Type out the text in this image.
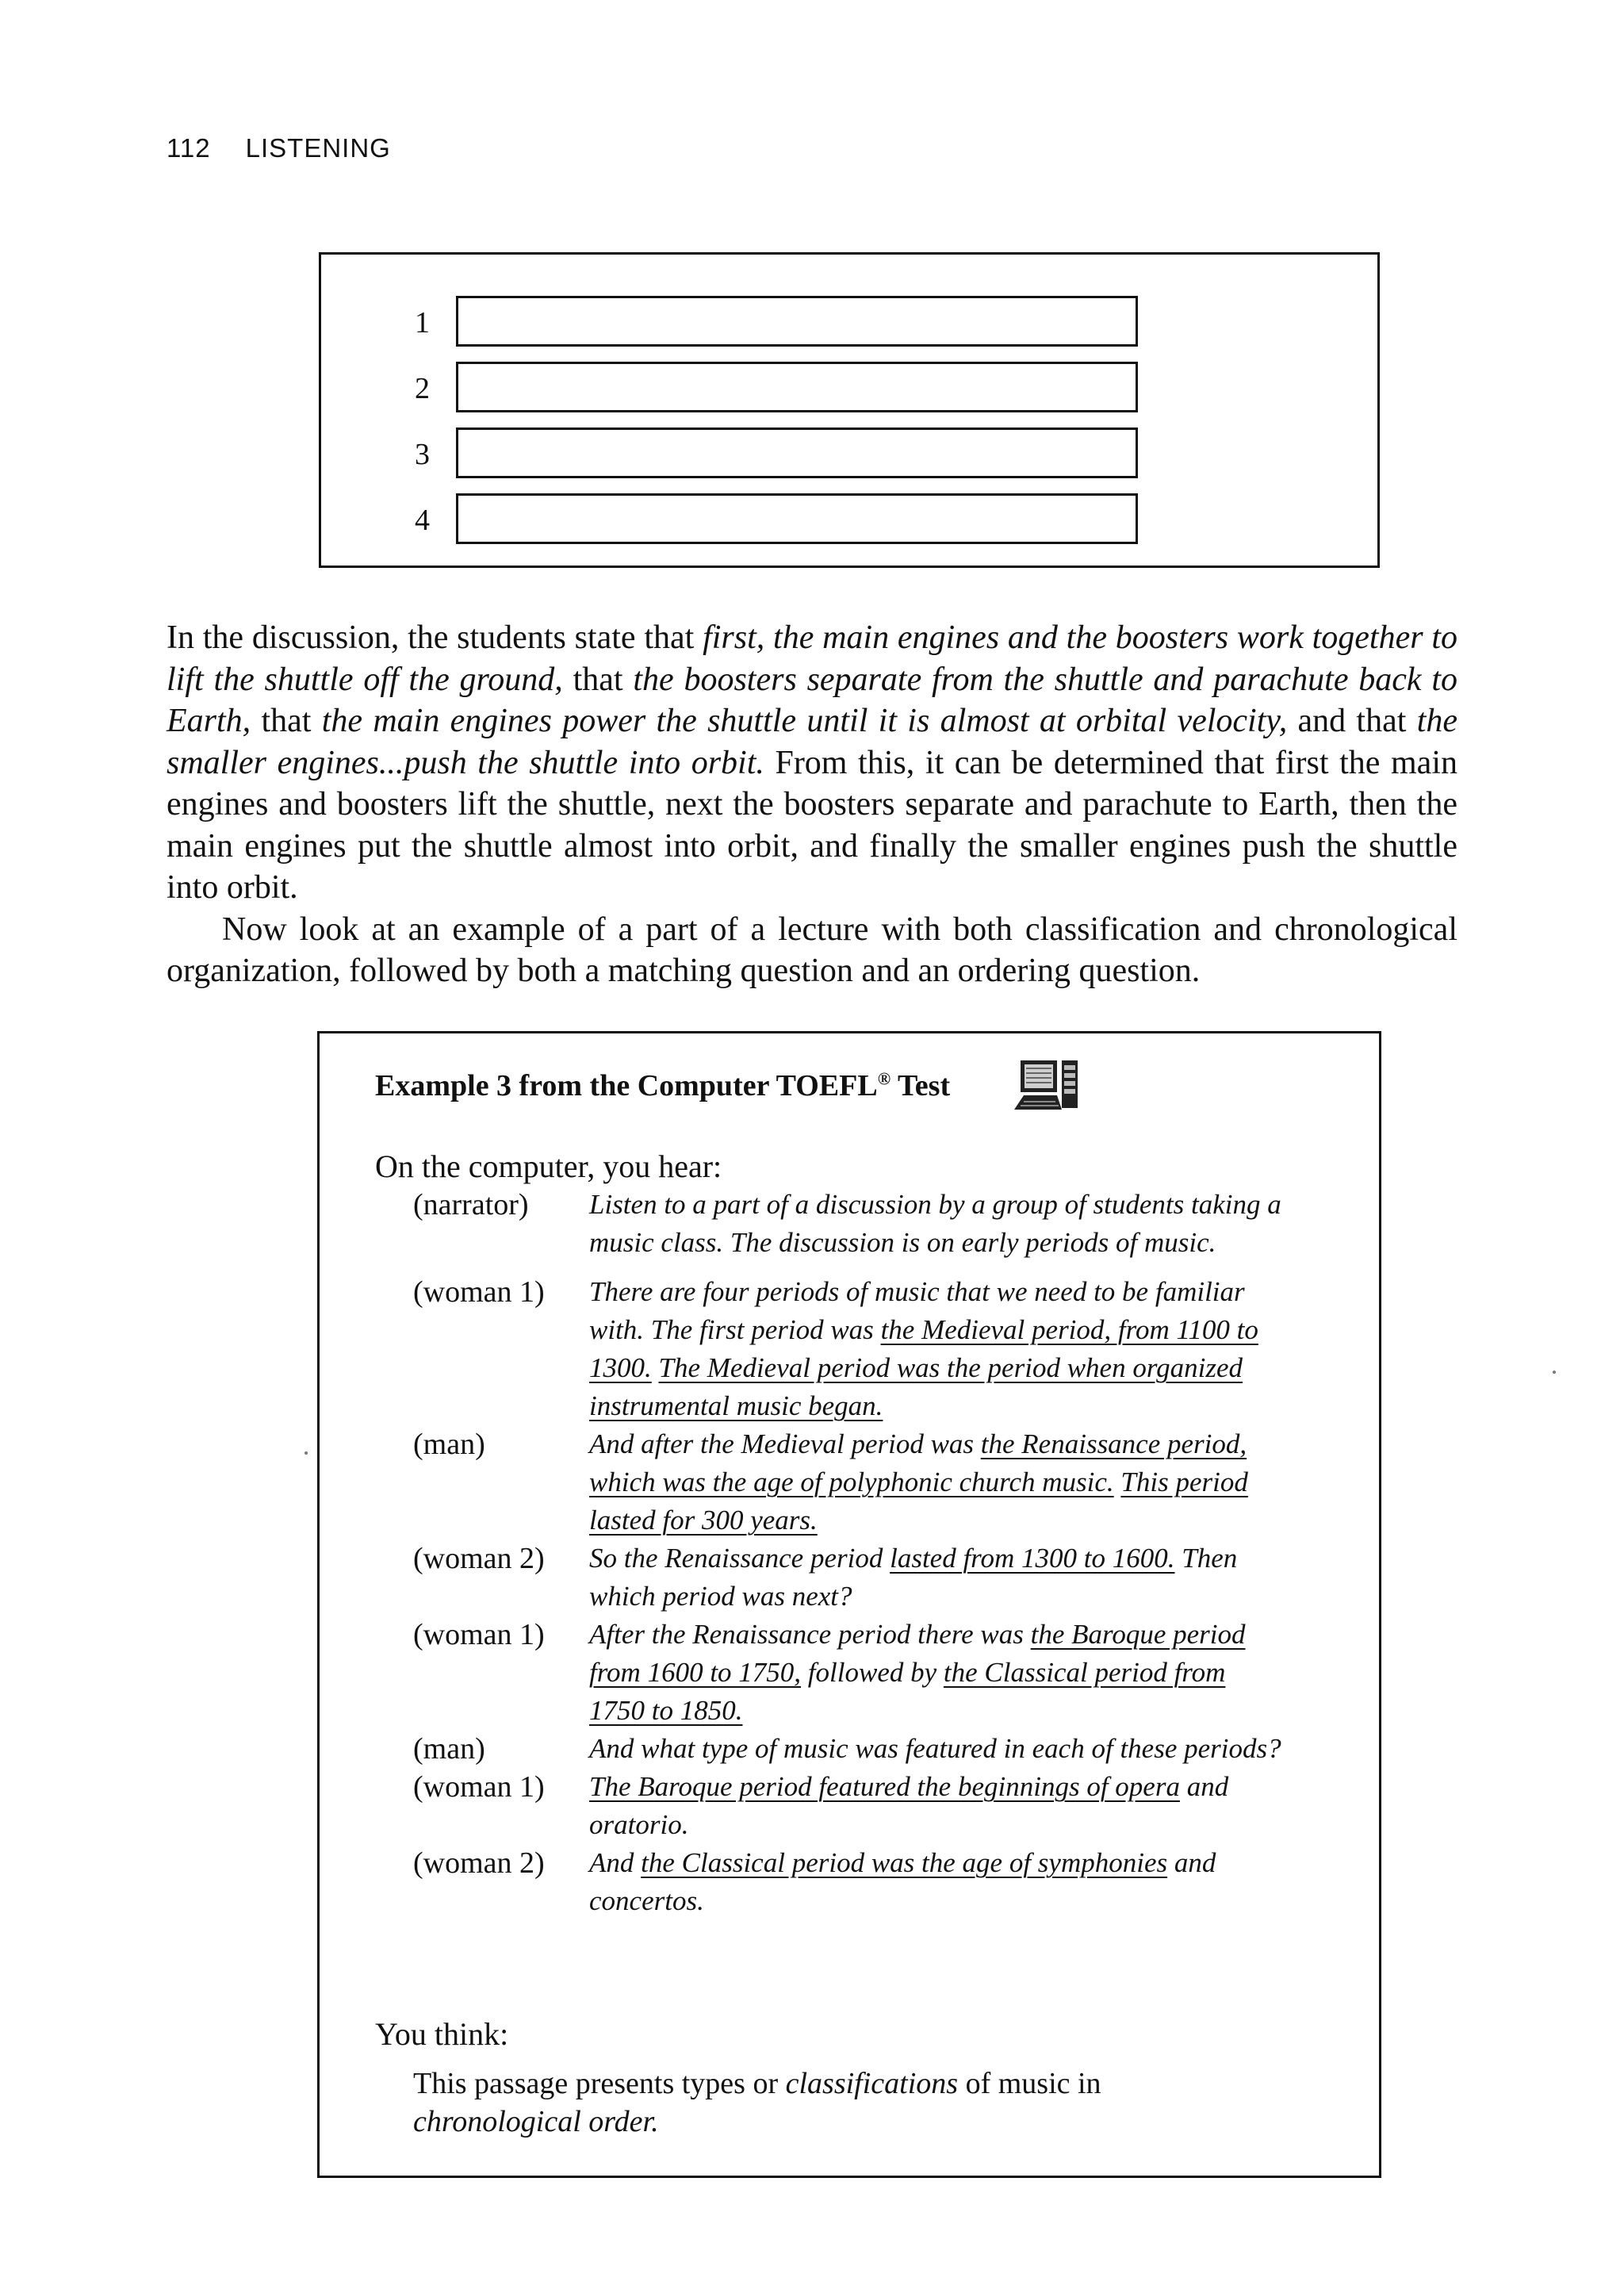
112 LISTENING
1
2
3
4

In the discussion, the students state that first, the main engines and the boosters work together to lift the shuttle off the ground, that the boosters separate from the shuttle and parachute back to Earth, that the main engines power the shuttle until it is almost at orbital velocity, and that the smaller engines...push the shuttle into orbit. From this, it can be determined that first the main engines and boosters lift the shuttle, next the boosters separate and parachute to Earth, then the main engines put the shuttle almost into orbit, and finally the smaller engines push the shuttle into orbit.

Now look at an example of a part of a lecture with both classification and chronological organization, followed by both a matching question and an ordering question.

Example 3 from the Computer TOEFL® Test
On the computer, you hear:
(narrator)	Listen to a part of a discussion by a group of students taking a music class. The discussion is on early periods of music.
(woman 1)	There are four periods of music that we need to be familiar with. The first period was the Medieval period, from 1100 to 1300. The Medieval period was the period when organized instrumental music began.
(man)	And after the Medieval period was the Renaissance period, which was the age of polyphonic church music. This period lasted for 300 years.
(woman 2)	So the Renaissance period lasted from 1300 to 1600. Then which period was next?
(woman 1)	After the Renaissance period there was the Baroque period from 1600 to 1750, followed by the Classical period from 1750 to 1850.
(man)	And what type of music was featured in each of these periods?
(woman 1)	The Baroque period featured the beginnings of opera and oratorio.
(woman 2)	And the Classical period was the age of symphonies and concertos.
You think:
This passage presents types or classifications of music in chronological order.
